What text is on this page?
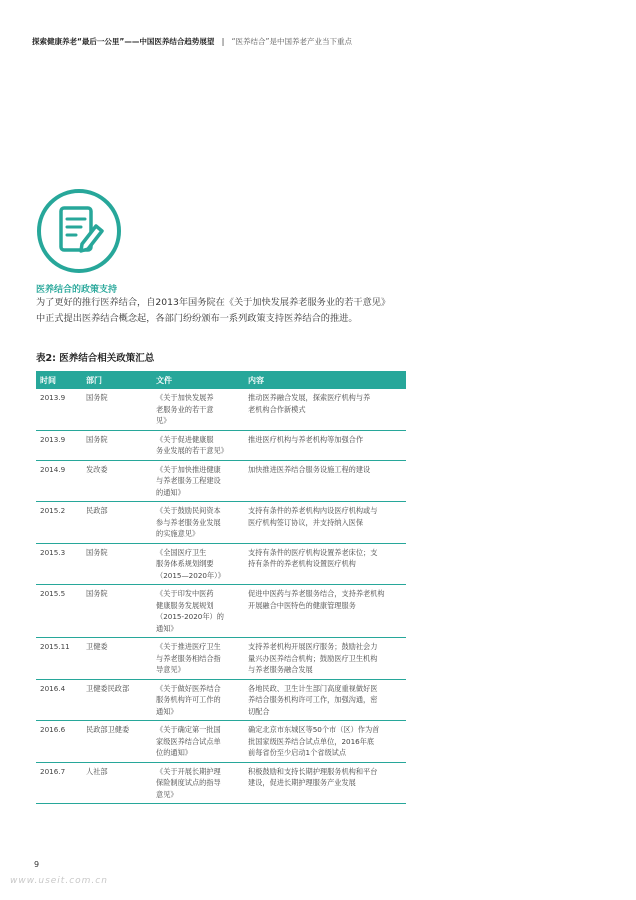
探索健康养老“最后一公里”——中国医养结合趋势展望 | “医养结合”是中国养老产业当下重点
医养结合的政策支持
为了更好的推行医养结合，自2013年国务院在《关于加快发展养老服务业的若干意见》
中正式提出医养结合概念起，各部门纷纷颁布一系列政策支持医养结合的推进。
表2: 医养结合相关政策汇总
时间	部门	文件	内容
2013.9	国务院	《关于加快发展养
老服务业的若干意
见》	推动医养融合发展，探索医疗机构与养
老机构合作新模式
2013.9	国务院	《关于促进健康服
务业发展的若干意见》	推进医疗机构与养老机构等加强合作
2014.9	发改委	《关于加快推进健康
与养老服务工程建设
的通知》	加快推进医养结合服务设施工程的建设
2015.2	民政部	《关于鼓励民间资本
参与养老服务业发展
的实施意见》	支持有条件的养老机构内设医疗机构或与
医疗机构签订协议，并支持纳入医保
2015.3	国务院	《全国医疗卫生
服务体系规划纲要
（2015—2020年）》	支持有条件的医疗机构设置养老床位；支
持有条件的养老机构设置医疗机构
2015.5	国务院	《关于印发中医药
健康服务发展规划
（2015-2020年）的
通知》	促进中医药与养老服务结合，支持养老机构
开展融合中医特色的健康管理服务
2015.11	卫健委	《关于推进医疗卫生
与养老服务相结合指
导意见》	支持养老机构开展医疗服务；鼓励社会力
量兴办医养结合机构；鼓励医疗卫生机构
与养老服务融合发展
2016.4	卫健委民政部	《关于做好医养结合
服务机构许可工作的
通知》	各地民政、卫生计生部门高度重视做好医
养结合服务机构许可工作，加强沟通，密
切配合
2016.6	民政部卫健委	《关于确定第一批国
家级医养结合试点单
位的通知》	确定北京市东城区等50个市（区）作为首
批国家级医养结合试点单位，2016年底
前每省份至少启动1个省级试点
2016.7	人社部	《关于开展长期护理
保险制度试点的指导
意见》	积极鼓励和支持长期护理服务机构和平台
建设，促进长期护理服务产业发展
9
www.useit.com.cn
